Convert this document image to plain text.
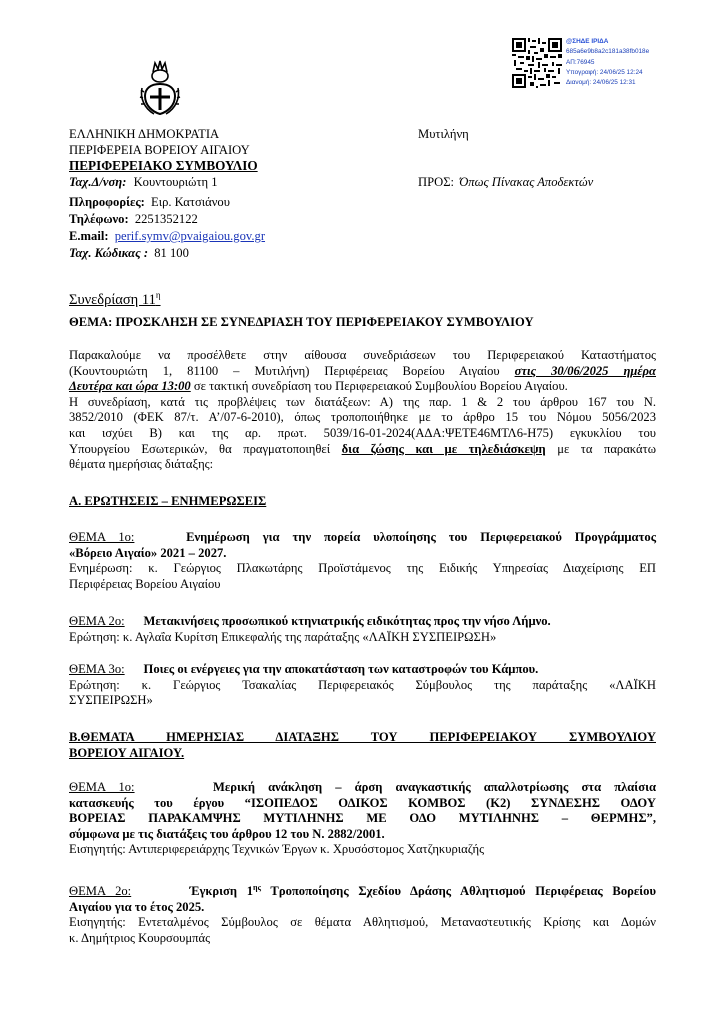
@ΣΗΔΕ ΙΡΙΔΑ
685a6e9b8a2c181a38fb018e
ΑΠ:76945
Υπογραφή: 24/06/25 12:24
Διανομή: 24/06/25 12:31
ΕΛΛΗΝΙΚΗ ΔΗΜΟΚΡΑΤΙΑ
ΠΕΡΙΦΕΡΕΙΑ ΒΟΡΕΙΟΥ ΑΙΓΑΙΟΥ
ΠΕΡΙΦΕΡΕΙΑΚΟ ΣΥΜΒΟΥΛΙΟ
Μυτιλήνη
Ταχ.Δ/νση: Κουντουριώτη 1	ΠΡΟΣ: Όπως Πίνακας Αποδεκτών
Πληροφορίες: Ειρ. Κατσιάνου
Τηλέφωνο: 2251352122
E.mail: perif.symv@pvaigaiou.gov.gr
Ταχ. Κώδικας : 81 100
Συνεδρίαση $11^\eta$
ΘΕΜΑ: ΠΡΟΣΚΛΗΣΗ ΣΕ ΣΥΝΕΔΡΙΑΣΗ ΤΟΥ ΠΕΡΙΦΕΡΕΙΑΚΟΥ ΣΥΜΒΟΥΛΙΟΥ
Παρακαλούμε να προσέλθετε στην αίθουσα συνεδριάσεων του Περιφερειακού Καταστήματος
(Κουντουριώτη 1, 81100 – Μυτιλήνη) Περιφέρειας Βορείου Αιγαίου στις 30/06/2025 ημέρα
Δευτέρα και ώρα 13:00 σε τακτική συνεδρίαση του Περιφερειακού Συμβουλίου Βορείου Αιγαίου.
Η συνεδρίαση, κατά τις προβλέψεις των διατάξεων: Α) της παρ. 1 & 2 του άρθρου 167 του Ν.
3852/2010 (ΦΕΚ 87/τ. Α’/07-6-2010), όπως τροποποιήθηκε με το άρθρο 15 του Νόμου 5056/2023
και ισχύει Β) και της αρ. πρωτ. 5039/16-01-2024(ΑΔΑ:ΨΕΤΕ46ΜΤΛ6-Η75) εγκυκλίου του
Υπουργείου Εσωτερικών, θα πραγματοποιηθεί δια ζώσης και με τηλεδιάσκεψη με τα παρακάτω
θέματα ημερήσιας διάταξης:
Α. ΕΡΩΤΗΣΕΙΣ – ΕΝΗΜΕΡΩΣΕΙΣ
ΘΕΜΑ 1ο:	Ενημέρωση για την πορεία υλοποίησης του Περιφερειακού Προγράμματος
«Βόρειο Αιγαίο» 2021 – 2027.
Ενημέρωση: κ. Γεώργιος Πλακωτάρης Προϊστάμενος της Ειδικής Υπηρεσίας Διαχείρισης ΕΠ
Περιφέρειας Βορείου Αιγαίου
ΘΕΜΑ 2ο: Μετακινήσεις προσωπικού κτηνιατρικής ειδικότητας προς την νήσο Λήμνο.
Ερώτηση: κ. Αγλαΐα Κυρίτση Επικεφαλής της παράταξης «ΛΑΪΚΗ ΣΥΣΠΕΙΡΩΣΗ»
ΘΕΜΑ 3ο: Ποιες οι ενέργειες για την αποκατάσταση των καταστροφών του Κάμπου.
Ερώτηση: κ. Γεώργιος Τσακαλίας Περιφερειακός Σύμβουλος της παράταξης «ΛΑΪΚΗ
ΣΥΣΠΕΙΡΩΣΗ»
Β.ΘΕΜΑΤΑ ΗΜΕΡΗΣΙΑΣ ΔΙΑΤΑΞΗΣ ΤΟΥ ΠΕΡΙΦΕΡΕΙΑΚΟΥ ΣΥΜΒΟΥΛΙΟΥ
ΒΟΡΕΙΟΥ ΑΙΓΑΙΟΥ.
ΘΕΜΑ 1ο:	Μερική ανάκληση – άρση αναγκαστικής απαλλοτρίωσης στα πλαίσια
κατασκευής του έργου “ΙΣΟΠΕΔΟΣ ΟΔΙΚΟΣ ΚΟΜΒΟΣ (Κ2) ΣΥΝΔΕΣΗΣ ΟΔΟΥ
ΒΟΡΕΙΑΣ ΠΑΡΑΚΑΜΨΗΣ ΜΥΤΙΛΗΝΗΣ ΜΕ ΟΔΟ ΜΥΤΙΛΗΝΗΣ – ΘΕΡΜΗΣ”,
σύμφωνα με τις διατάξεις του άρθρου 12 του Ν. 2882/2001.
Εισηγητής: Αντιπεριφερειάρχης Τεχνικών Έργων κ. Χρυσόστομος Χατζηκυριαζής
ΘΕΜΑ 2ο:	Έγκριση $1^{\eta\varsigma}$ Τροποποίησης Σχεδίου Δράσης Αθλητισμού Περιφέρειας Βορείου
Αιγαίου για το έτος 2025.
Εισηγητής: Εντεταλμένος Σύμβουλος σε θέματα Αθλητισμού, Μεταναστευτικής Κρίσης και Δομών
κ. Δημήτριος Κουρσουμπάς
